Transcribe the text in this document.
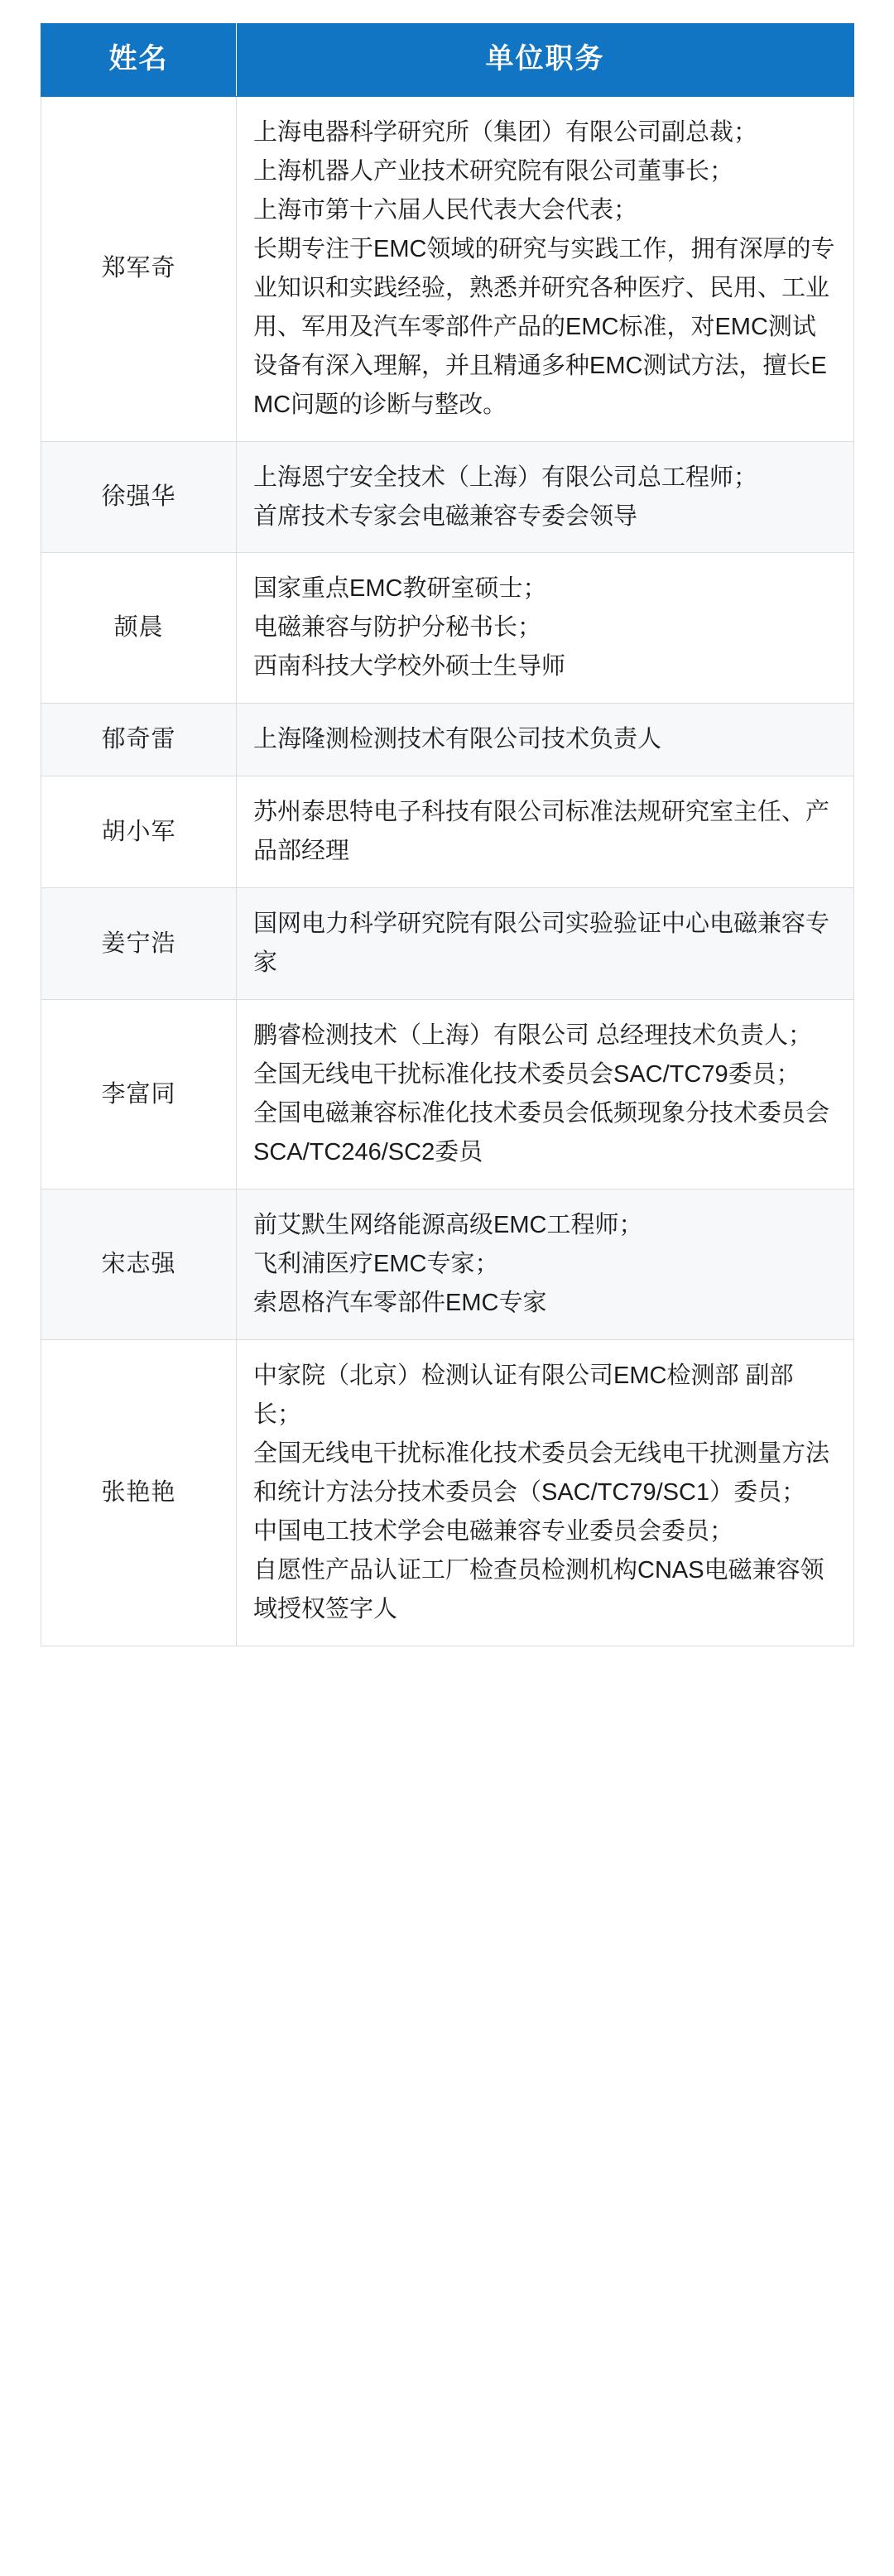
姓名	单位职务
郑军奇	上海电器科学研究所（集团）有限公司副总裁；
上海机器人产业技术研究院有限公司董事长；
上海市第十六届人民代表大会代表；
长期专注于EMC领域的研究与实践工作，拥有深厚的专业知识和实践经验，熟悉并研究各种医疗、民用、工业用、军用及汽车零部件产品的EMC标准，对EMC测试设备有深入理解，并且精通多种EMC测试方法，擅长EMC问题的诊断与整改。

徐强华	上海恩宁安全技术（上海）有限公司总工程师；
首席技术专家会电磁兼容专委会领导

颉晨	国家重点EMC教研室硕士；
电磁兼容与防护分秘书长；
西南科技大学校外硕士生导师

郁奇雷	上海隆测检测技术有限公司技术负责人

胡小军	苏州泰思特电子科技有限公司标准法规研究室主任、产品部经理

姜宁浩	国网电力科学研究院有限公司实验验证中心电磁兼容专家

李富同	鹏睿检测技术（上海）有限公司 总经理技术负责人；
全国无线电干扰标准化技术委员会SAC/TC79委员；
全国电磁兼容标准化技术委员会低频现象分技术委员会SCA/TC246/SC2委员

宋志强	前艾默生网络能源高级EMC工程师；
飞利浦医疗EMC专家；
索恩格汽车零部件EMC专家

张艳艳	中家院（北京）检测认证有限公司EMC检测部 副部长；
全国无线电干扰标准化技术委员会无线电干扰测量方法和统计方法分技术委员会（SAC/TC79/SC1）委员；
中国电工技术学会电磁兼容专业委员会委员；
自愿性产品认证工厂检查员检测机构CNAS电磁兼容领域授权签字人
